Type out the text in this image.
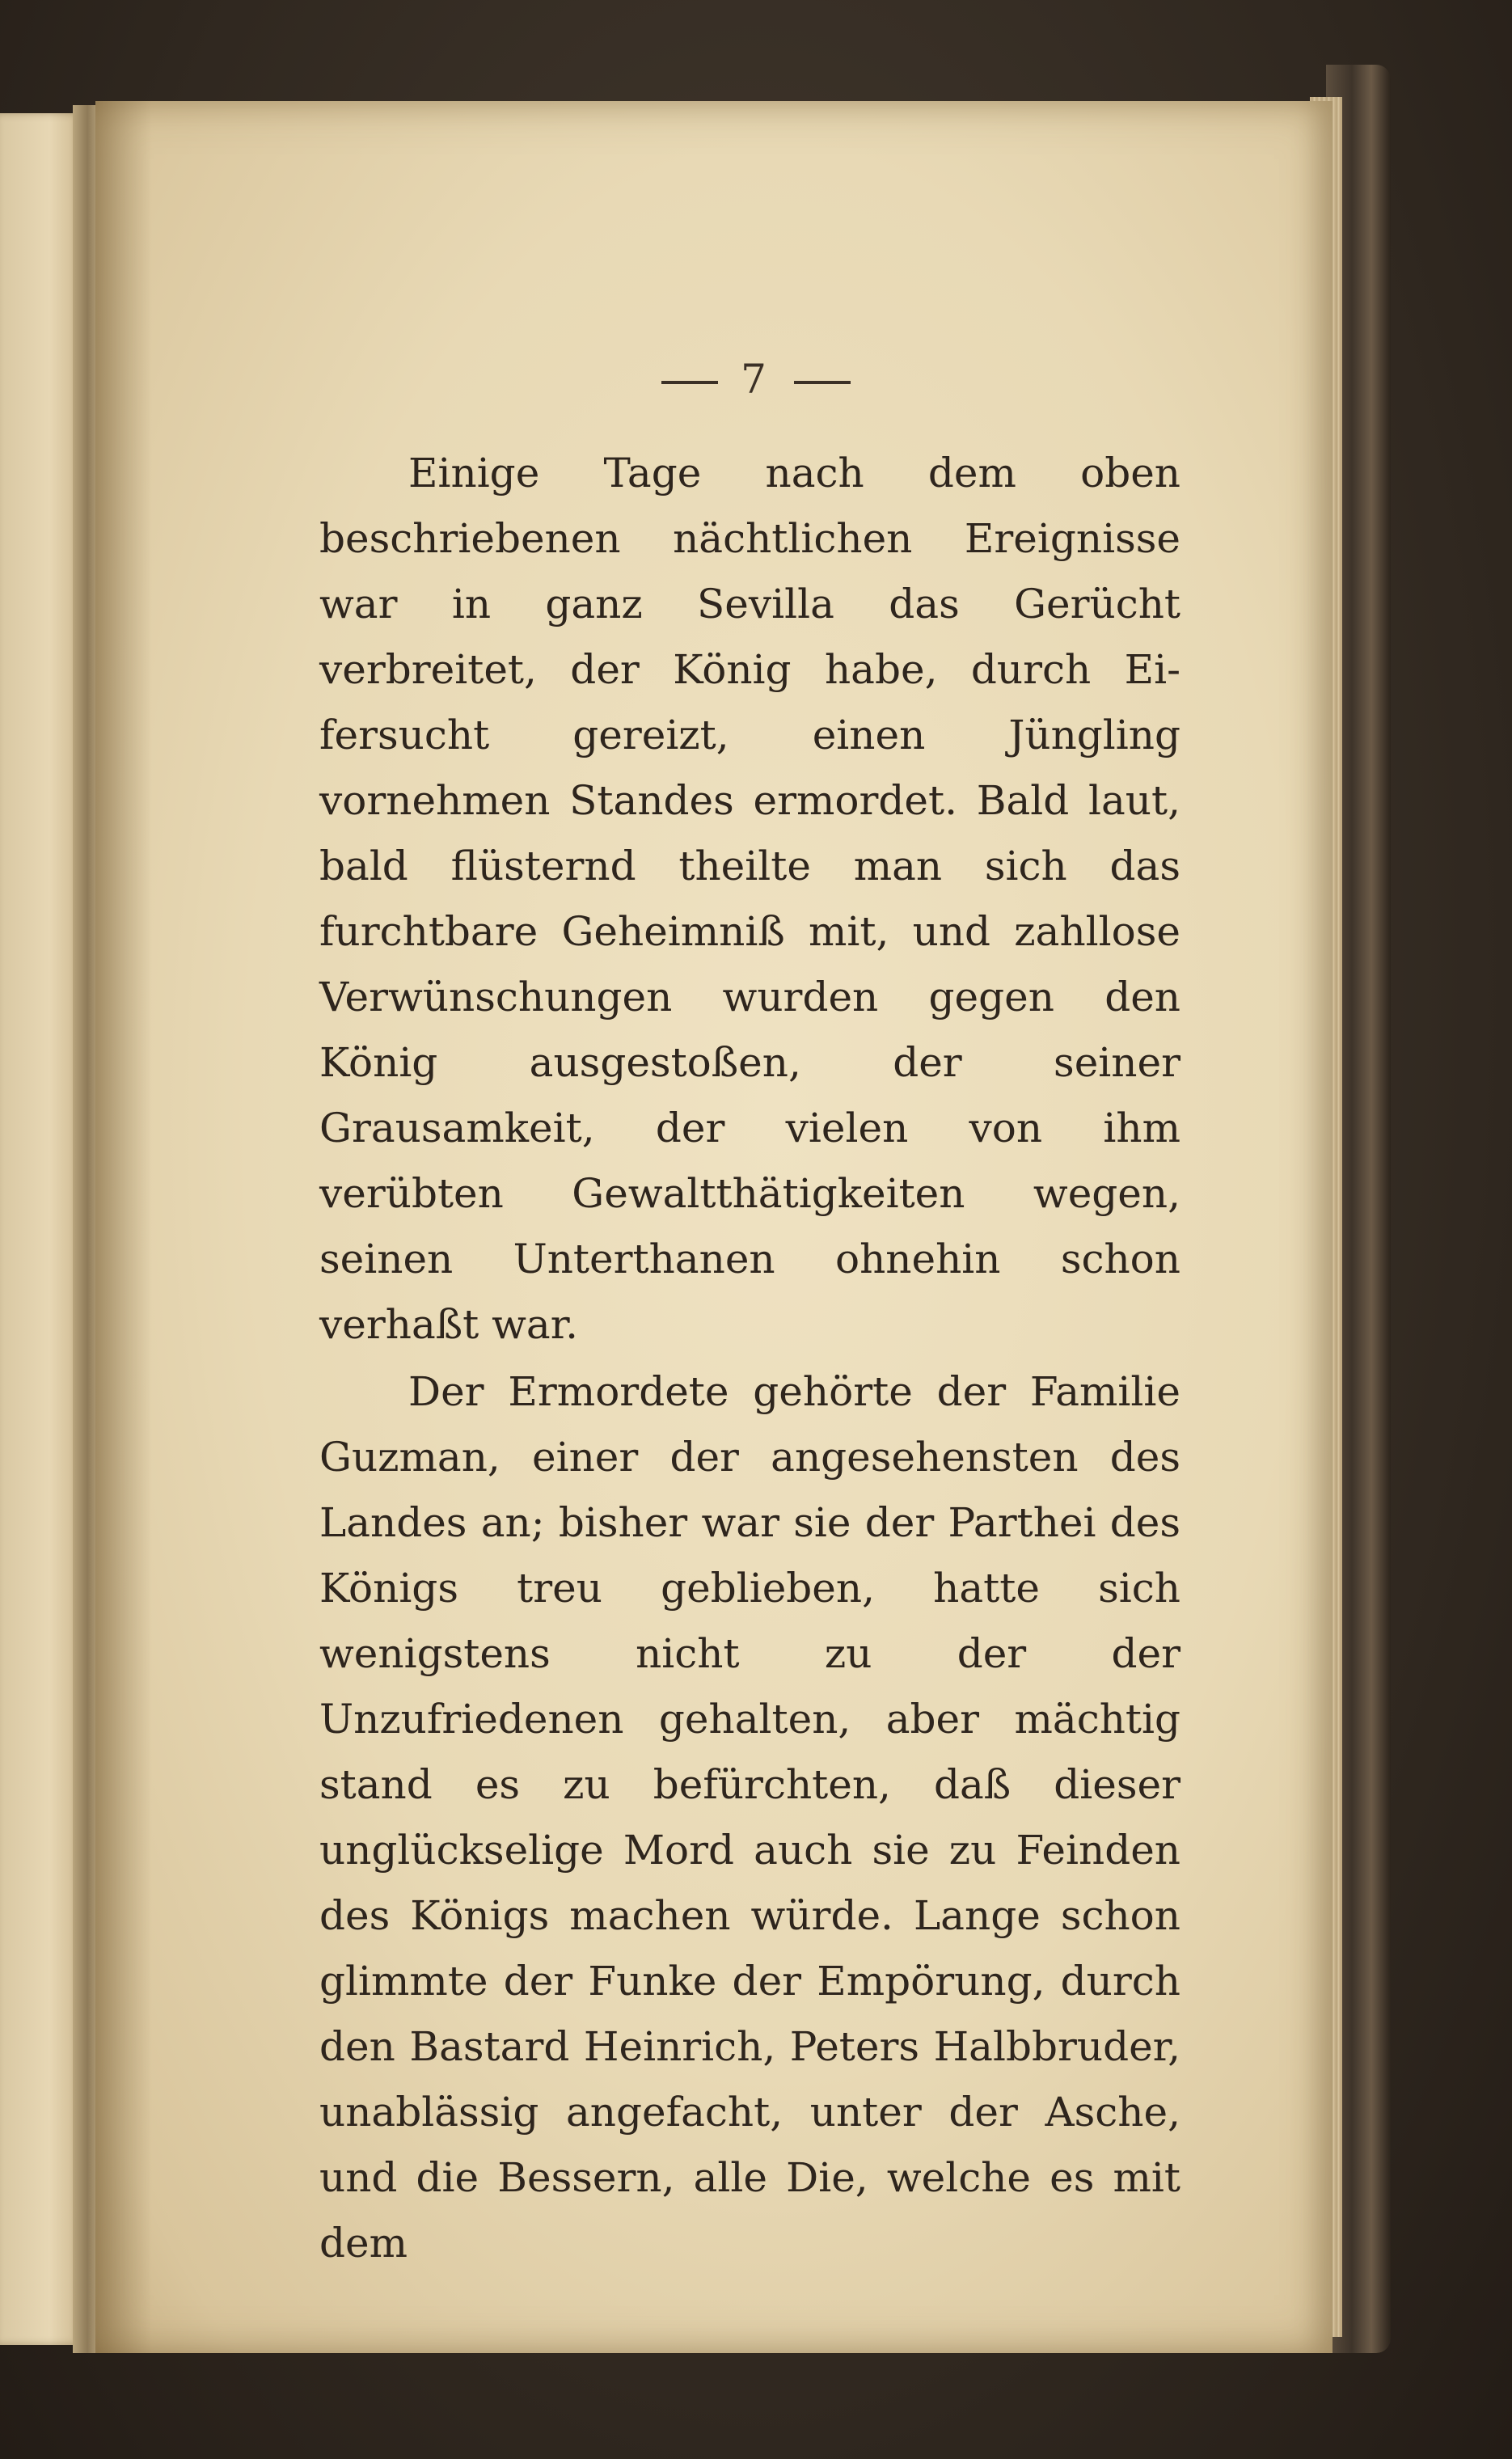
7

Einige Tage nach dem oben beschriebenen nächtlichen Ereignisse war in ganz Sevilla das Gerücht verbreitet, der König habe, durch Eifersucht gereizt, einen Jüngling vornehmen Standes ermordet. Bald laut, bald flüsternd theilte man sich das furchtbare Geheimniß mit, und zahllose Verwünschungen wurden gegen den König ausgestoßen, der seiner Grausamkeit, der vielen von ihm verübten Gewaltthätigkeiten wegen, seinen Unterthanen ohnehin schon verhaßt war.

Der Ermordete gehörte der Familie Guzman, einer der angesehensten des Landes an; bisher war sie der Parthei des Königs treu geblieben, hatte sich wenigstens nicht zu der der Unzufriedenen gehalten, aber mächtig stand es zu befürchten, daß dieser unglückselige Mord auch sie zu Feinden des Königs machen würde. Lange schon glimmte der Funke der Empörung, durch den Bastard Heinrich, Peters Halbbruder, unablässig angefacht, unter der Asche, und die Bessern, alle Die, welche es mit dem
